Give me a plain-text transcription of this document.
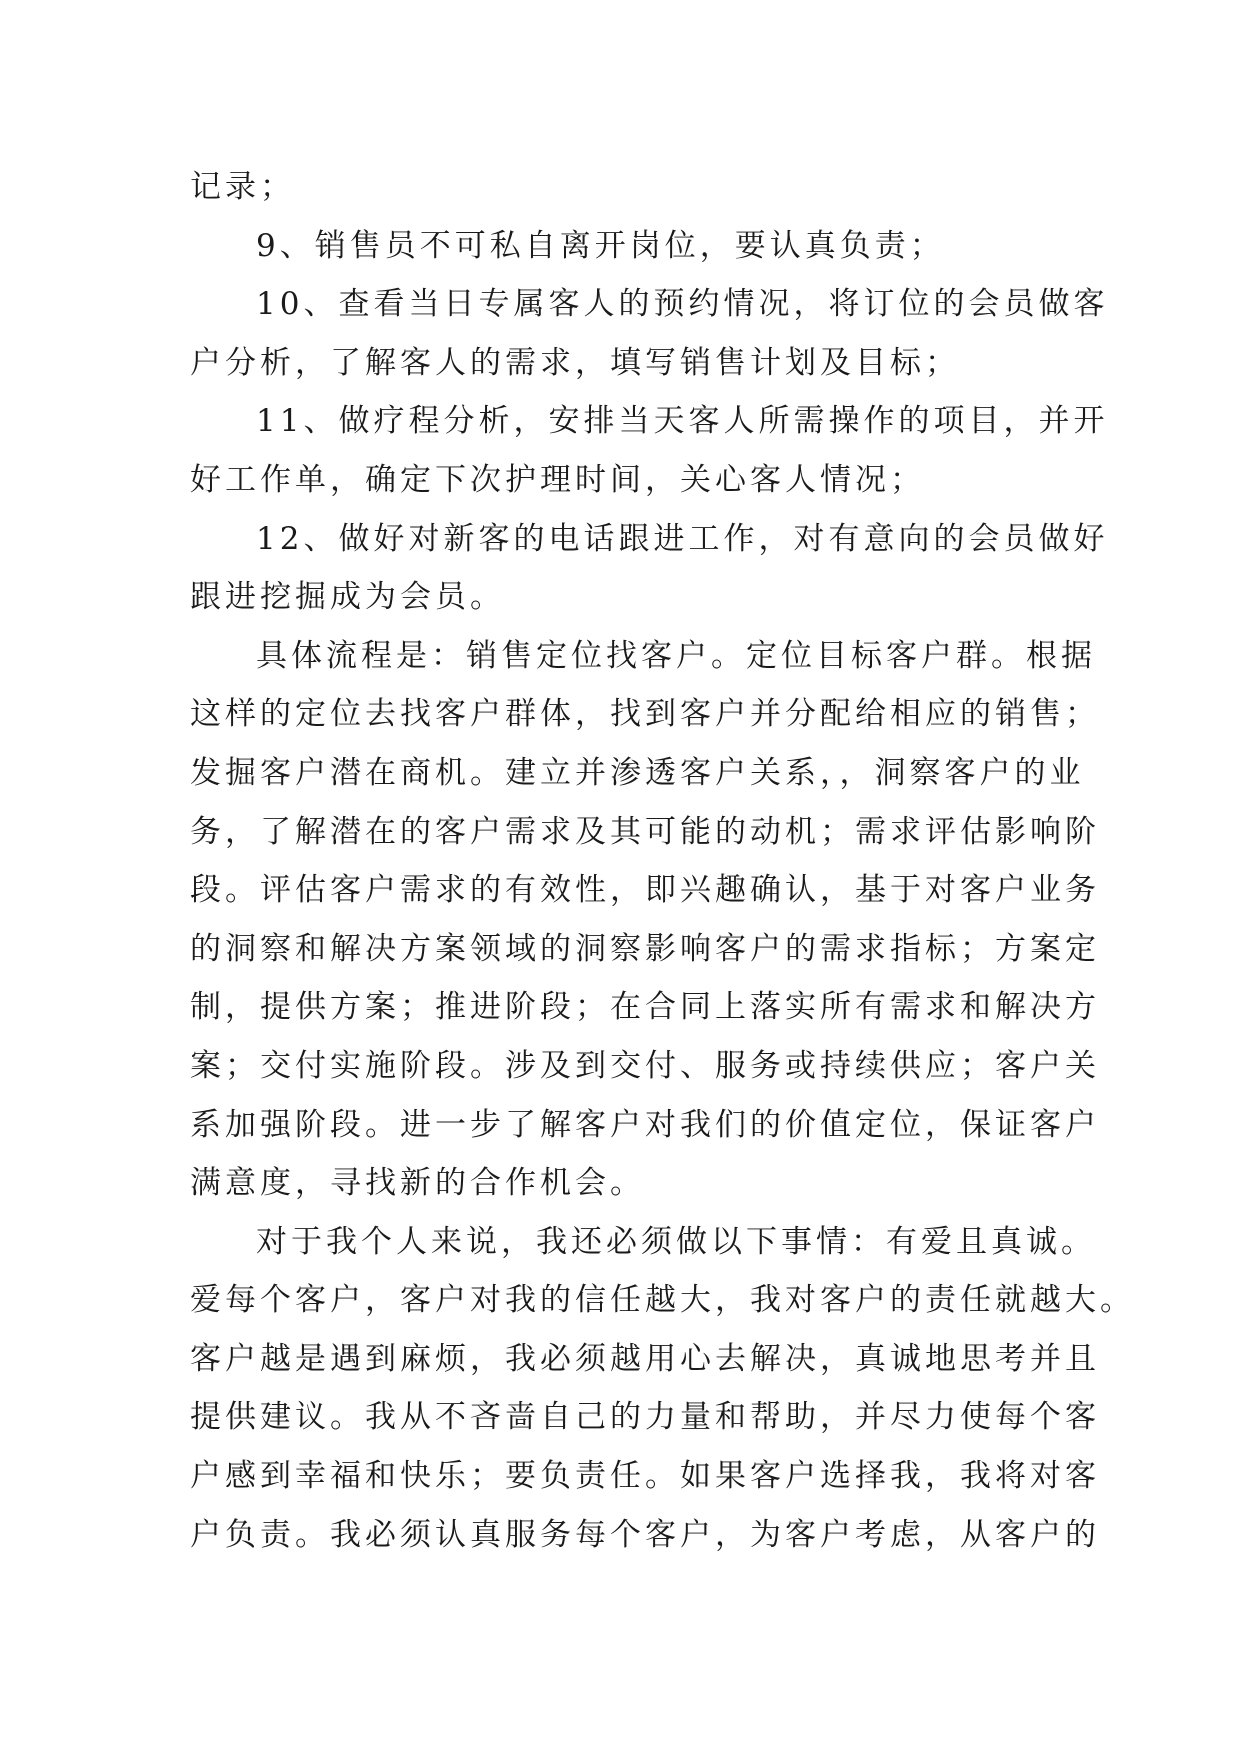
记录；
9、销售员不可私自离开岗位，要认真负责；
10、查看当日专属客人的预约情况，将订位的会员做客
户分析，了解客人的需求，填写销售计划及目标；
11、做疗程分析，安排当天客人所需操作的项目，并开
好工作单，确定下次护理时间，关心客人情况；
12、做好对新客的电话跟进工作，对有意向的会员做好
跟进挖掘成为会员。
具体流程是：销售定位找客户。定位目标客户群。根据
这样的定位去找客户群体，找到客户并分配给相应的销售；
发掘客户潜在商机。建立并渗透客户关系，，洞察客户的业
务，了解潜在的客户需求及其可能的动机；需求评估影响阶
段。评估客户需求的有效性，即兴趣确认，基于对客户业务
的洞察和解决方案领域的洞察影响客户的需求指标；方案定
制，提供方案；推进阶段；在合同上落实所有需求和解决方
案；交付实施阶段。涉及到交付、服务或持续供应；客户关
系加强阶段。进一步了解客户对我们的价值定位，保证客户
满意度，寻找新的合作机会。
对于我个人来说，我还必须做以下事情：有爱且真诚。
爱每个客户，客户对我的信任越大，我对客户的责任就越大。
客户越是遇到麻烦，我必须越用心去解决，真诚地思考并且
提供建议。我从不吝啬自己的力量和帮助，并尽力使每个客
户感到幸福和快乐；要负责任。如果客户选择我，我将对客
户负责。我必须认真服务每个客户，为客户考虑，从客户的
